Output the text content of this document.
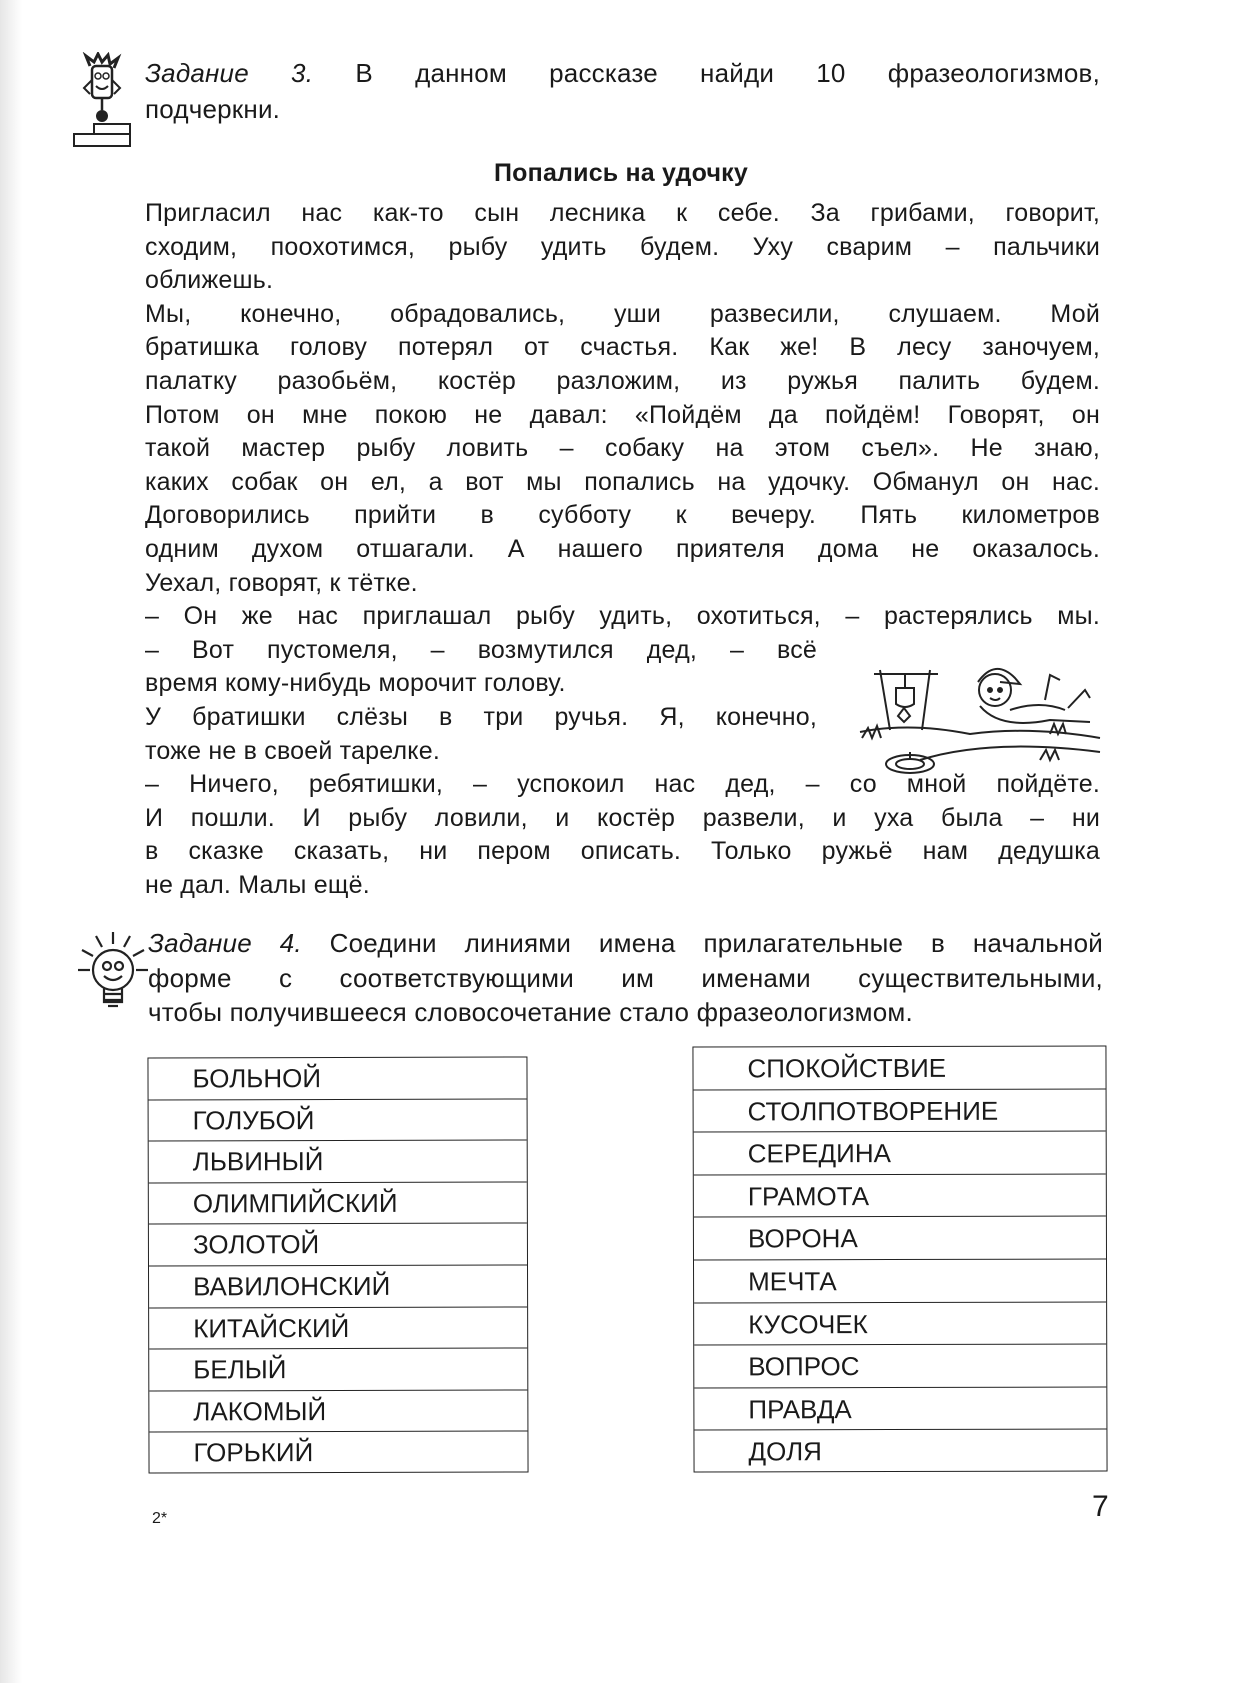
Задание 3. В данном рассказе найди 10 фразеологизмов,
подчеркни.
Попались на удочку
Пригласил нас как-то сын лесника к себе. За грибами, говорит,
сходим, поохотимся, рыбу удить будем. Уху сварим – пальчики
оближешь.
Мы, конечно, обрадовались, уши развесили, слушаем. Мой
братишка голову потерял от счастья. Как же! В лесу заночуем,
палатку разобьём, костёр разложим, из ружья палить будем.
Потом он мне покою не давал: «Пойдём да пойдём! Говорят, он
такой мастер рыбу ловить – собаку на этом съел». Не знаю,
каких собак он ел, а вот мы попались на удочку. Обманул он нас.
Договорились прийти в субботу к вечеру. Пять километров
одним духом отшагали. А нашего приятеля дома не оказалось.
Уехал, говорят, к тётке.
– Он же нас приглашал рыбу удить, охотиться, – растерялись мы.
– Вот пустомеля, – возмутился дед, – всё
время кому-нибудь морочит голову.
У братишки слёзы в три ручья. Я, конечно,
тоже не в своей тарелке.
– Ничего, ребятишки, – успокоил нас дед, – со мной пойдёте.
И пошли. И рыбу ловили, и костёр развели, и уха была – ни
в сказке сказать, ни пером описать. Только ружьё нам дедушка
не дал. Малы ещё.
Задание 4. Соедини линиями имена прилагательные в начальной
форме с соответствующими им именами существительными,
чтобы получившееся словосочетание стало фразеологизмом.
БОЛЬНОЙ
ГОЛУБОЙ
ЛЬВИНЫЙ
ОЛИМПИЙСКИЙ
ЗОЛОТОЙ
ВАВИЛОНСКИЙ
КИТАЙСКИЙ
БЕЛЫЙ
ЛАКОМЫЙ
ГОРЬКИЙ
СПОКОЙСТВИЕ
СТОЛПОТВОРЕНИЕ
СЕРЕДИНА
ГРАМОТА
ВОРОНА
МЕЧТА
КУСОЧЕК
ВОПРОС
ПРАВДА
ДОЛЯ
2*	7
